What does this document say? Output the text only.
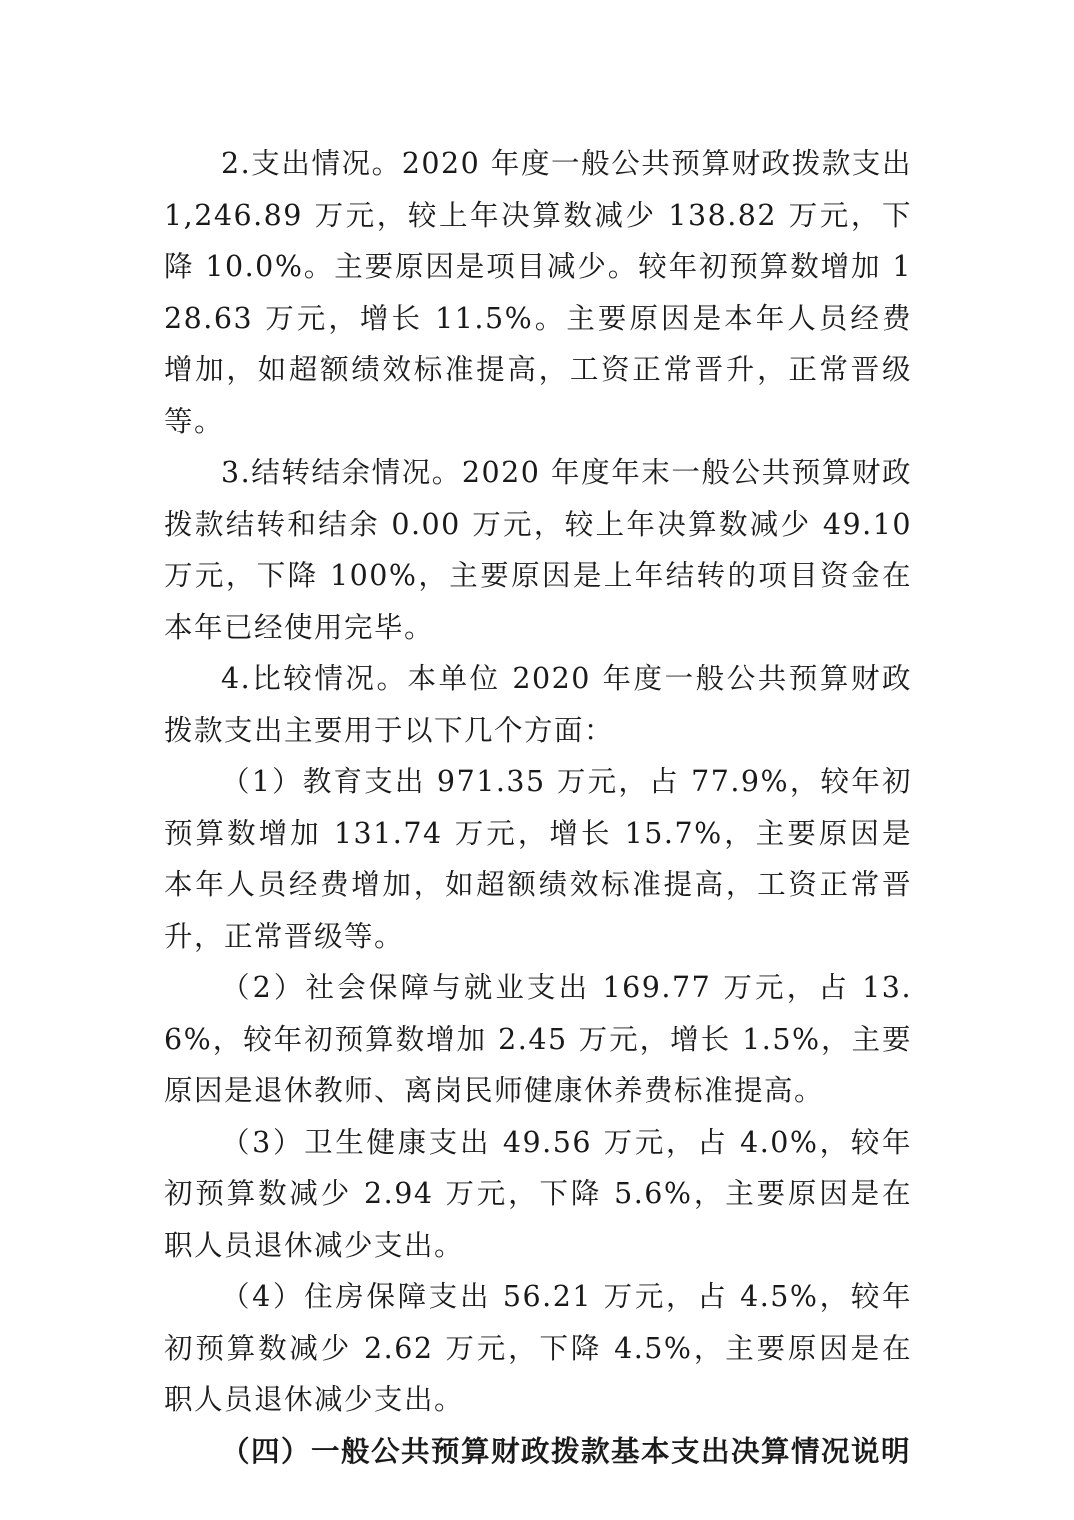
2.支出情况。2020 年度一般公共预算财政拨款支出 1,246.89 万元，较上年决算数减少 138.82 万元，下降 10.0%。主要原因是项目减少。较年初预算数增加 128.63 万元，增长 11.5%。主要原因是本年人员经费增加，如超额绩效标准提高，工资正常晋升，正常晋级等。

3.结转结余情况。2020 年度年末一般公共预算财政拨款结转和结余 0.00 万元，较上年决算数减少 49.10 万元，下降 100%，主要原因是上年结转的项目资金在本年已经使用完毕。

4.比较情况。本单位 2020 年度一般公共预算财政拨款支出主要用于以下几个方面：

（1）教育支出 971.35 万元，占 77.9%，较年初预算数增加 131.74 万元，增长 15.7%，主要原因是本年人员经费增加，如超额绩效标准提高，工资正常晋升，正常晋级等。

（2）社会保障与就业支出 169.77 万元，占 13.6%，较年初预算数增加 2.45 万元，增长 1.5%，主要原因是退休教师、离岗民师健康休养费标准提高。

（3）卫生健康支出 49.56 万元，占 4.0%，较年初预算数减少 2.94 万元，下降 5.6%，主要原因是在职人员退休减少支出。

（4）住房保障支出 56.21 万元，占 4.5%，较年初预算数减少 2.62 万元，下降 4.5%，主要原因是在职人员退休减少支出。

（四）一般公共预算财政拨款基本支出决算情况说明
